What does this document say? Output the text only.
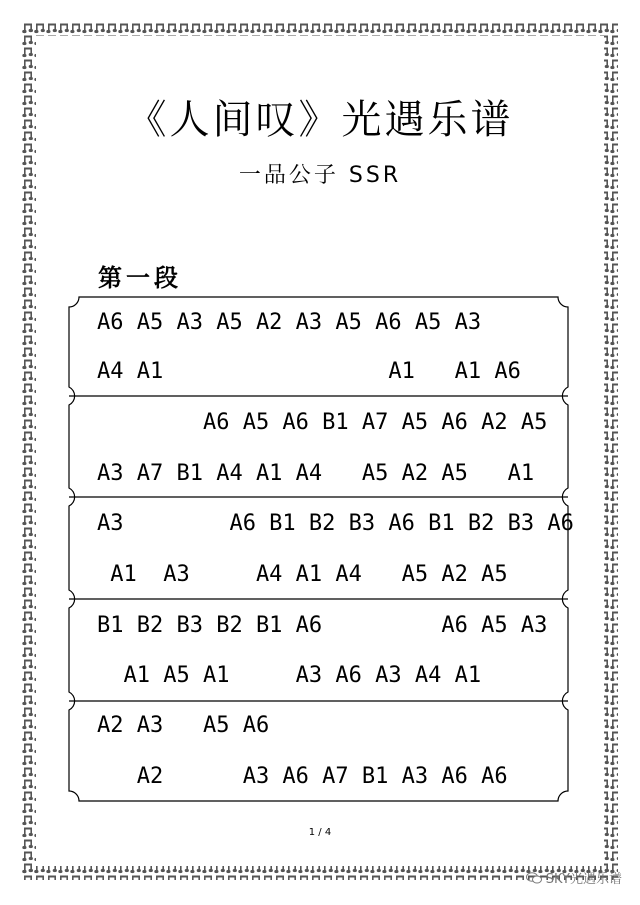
《人间叹》光遇乐谱
一品公子 SSR
第一段
A6 A5 A3 A5 A2 A3 A5 A6 A5 A3
A4 A1                 A1   A1 A6
A6 A5 A6 B1 A7 A5 A6 A2 A5
A3 A7 B1 A4 A1 A4   A5 A2 A5   A1
A3        A6 B1 B2 B3 A6 B1 B2 B3 A6
A1  A3     A4 A1 A4   A5 A2 A5
B1 B2 B3 B2 B1 A6         A6 A5 A3
A1 A5 A1     A3 A6 A3 A4 A1
A2 A3   A5 A6
A2      A3 A6 A7 B1 A3 A6 A6
1 / 4
SKY光遇乐谱
